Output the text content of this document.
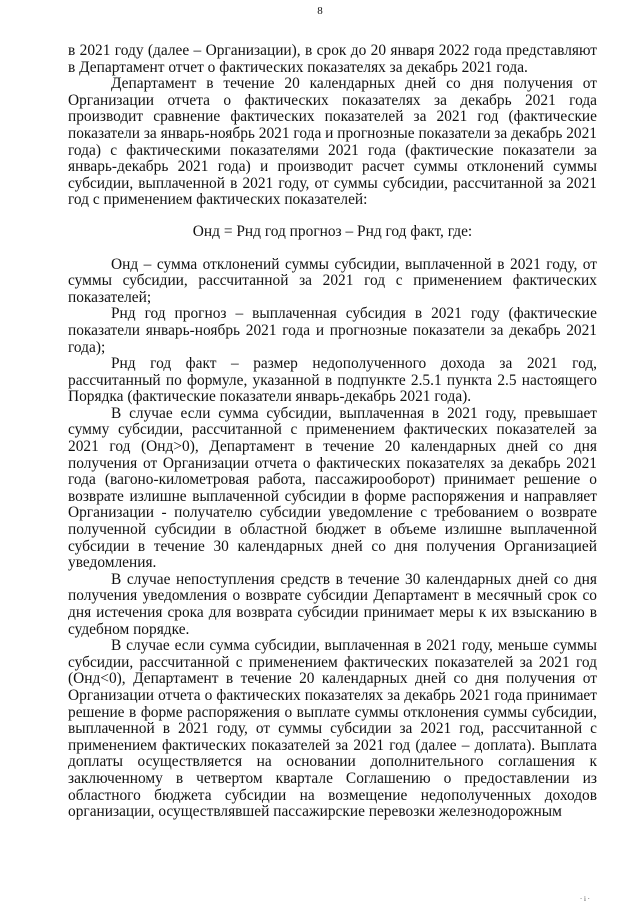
8

в 2021 году (далее – Организации), в срок до 20 января 2022 года представляют в Департамент отчет о фактических показателях за декабрь 2021 года.

Департамент в течение 20 календарных дней со дня получения от Организации отчета о фактических показателях за декабрь 2021 года производит сравнение фактических показателей за 2021 год (фактические показатели за январь-ноябрь 2021 года и прогнозные показатели за декабрь 2021 года) с фактическими показателями 2021 года (фактические показатели за январь-декабрь 2021 года) и производит расчет суммы отклонений суммы субсидии, выплаченной в 2021 году, от суммы субсидии, рассчитанной за 2021 год с применением фактических показателей:

Онд = Рнд год прогноз – Рнд год факт, где:

Онд – сумма отклонений суммы субсидии, выплаченной в 2021 году, от суммы субсидии, рассчитанной за 2021 год с применением фактических показателей;

Рнд год прогноз – выплаченная субсидия в 2021 году (фактические показатели январь-ноябрь 2021 года и прогнозные показатели за декабрь 2021 года);

Рнд год факт – размер недополученного дохода за 2021 год, рассчитанный по формуле, указанной в подпункте 2.5.1 пункта 2.5 настоящего Порядка (фактические показатели январь-декабрь 2021 года).

В случае если сумма субсидии, выплаченная в 2021 году, превышает сумму субсидии, рассчитанной с применением фактических показателей за 2021 год (Онд>0), Департамент в течение 20 календарных дней со дня получения от Организации отчета о фактических показателях за декабрь 2021 года (вагоно-километровая работа, пассажирооборот) принимает решение о возврате излишне выплаченной субсидии в форме распоряжения и направляет Организации - получателю субсидии уведомление с требованием о возврате полученной субсидии в областной бюджет в объеме излишне выплаченной субсидии в течение 30 календарных дней со дня получения Организацией уведомления.

В случае непоступления средств в течение 30 календарных дней со дня получения уведомления о возврате субсидии Департамент в месячный срок со дня истечения срока для возврата субсидии принимает меры к их взысканию в судебном порядке.

В случае если сумма субсидии, выплаченная в 2021 году, меньше суммы субсидии, рассчитанной с применением фактических показателей за 2021 год (Онд<0), Департамент в течение 20 календарных дней со дня получения от Организации отчета о фактических показателях за декабрь 2021 года принимает решение в форме распоряжения о выплате суммы отклонения суммы субсидии, выплаченной в 2021 году, от суммы субсидии за 2021 год, рассчитанной с применением фактических показателей за 2021 год (далее – доплата). Выплата доплаты осуществляется на основании дополнительного соглашения к заключенному в четвертом квартале Соглашению о предоставлении из областного бюджета субсидии на возмещение недополученных доходов организации, осуществлявшей пассажирские перевозки железнодорожным

· і ·
